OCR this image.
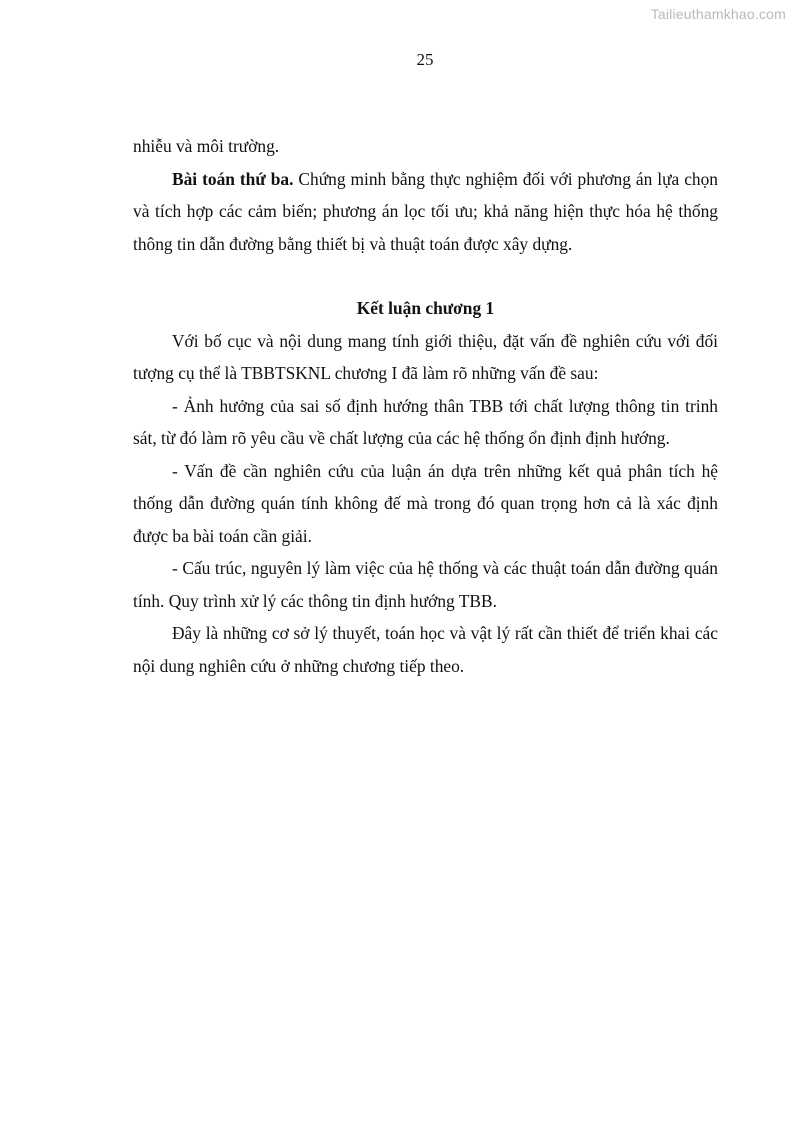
Tailieuthamkhao.com
25

nhiễu và môi trường.

Bài toán thứ ba. Chứng minh bằng thực nghiệm đối với phương án lựa chọn và tích hợp các cảm biến; phương án lọc tối ưu; khả năng hiện thực hóa hệ thống thông tin dẫn đường bằng thiết bị và thuật toán được xây dựng.

Kết luận chương 1

Với bố cục và nội dung mang tính giới thiệu, đặt vấn đề nghiên cứu với đối tượng cụ thể là TBBTSKNL chương I đã làm rõ những vấn đề sau:

- Ảnh hưởng của sai số định hướng thân TBB tới chất lượng thông tin trinh sát, từ đó làm rõ yêu cầu về chất lượng của các hệ thống ổn định định hướng.

- Vấn đề cần nghiên cứu của luận án dựa trên những kết quả phân tích hệ thống dẫn đường quán tính không đế mà trong đó quan trọng hơn cả là xác định được ba bài toán cần giải.

- Cấu trúc, nguyên lý làm việc của hệ thống và các thuật toán dẫn đường quán tính. Quy trình xử lý các thông tin định hướng TBB.

Đây là những cơ sở lý thuyết, toán học và vật lý rất cần thiết để triển khai các nội dung nghiên cứu ở những chương tiếp theo.
